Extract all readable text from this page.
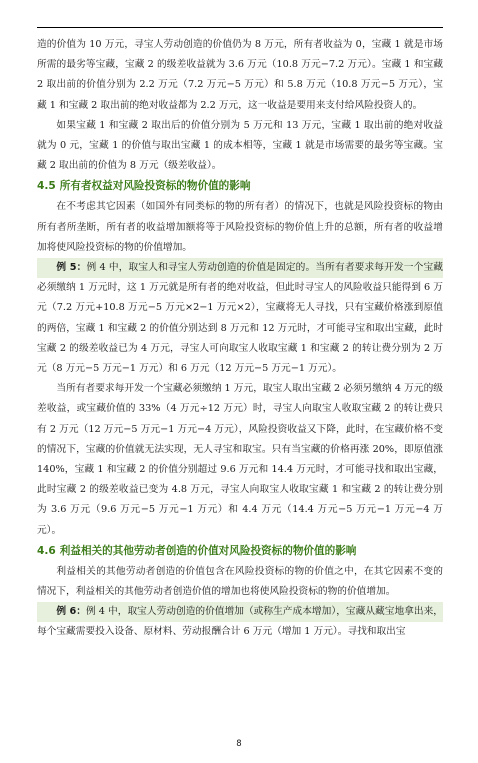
造的价值为 10 万元，寻宝人劳动创造的价值仍为 8 万元，所有者收益为 0，宝藏 1 就是市场所需的最劣等宝藏，宝藏 2 的级差收益就为 3.6 万元（10.8 万元−7.2 万元）。宝藏 1 和宝藏 2 取出前的价值分别为 2.2 万元（7.2 万元−5 万元）和 5.8 万元（10.8 万元−5 万元），宝藏 1 和宝藏 2 取出前的绝对收益都为 2.2 万元，这一收益是要用来支付给风险投资人的。

如果宝藏 1 和宝藏 2 取出后的价值分别为 5 万元和 13 万元，宝藏 1 取出前的绝对收益就为 0 元，宝藏 1 的价值与取出宝藏 1 的成本相等，宝藏 1 就是市场需要的最劣等宝藏。宝藏 2 取出前的价值为 8 万元（级差收益）。

4.5 所有者权益对风险投资标的物价值的影响

在不考虑其它因素（如国外有同类标的物的所有者）的情况下，也就是风险投资标的物由所有者所垄断，所有者的收益增加额将等于风险投资标的物价值上升的总额，所有者的收益增加将使风险投资标的物的价值增加。

例 5：例 4 中，取宝人和寻宝人劳动创造的价值是固定的。当所有者要求每开发一个宝藏必须缴纳 1 万元时，这 1 万元就是所有者的绝对收益，但此时寻宝人的风险收益只能得到 6 万元（7.2 万元+10.8 万元−5 万元×2−1 万元×2），宝藏将无人寻找，只有宝藏价格涨到原值的两倍，宝藏 1 和宝藏 2 的价值分别达到 8 万元和 12 万元时，才可能寻宝和取出宝藏，此时宝藏 2 的级差收益已为 4 万元，寻宝人可向取宝人收取宝藏 1 和宝藏 2 的转让费分别为 2 万元（8 万元−5 万元−1 万元）和 6 万元（12 万元−5 万元−1 万元）。

当所有者要求每开发一个宝藏必须缴纳 1 万元，取宝人取出宝藏 2 必须另缴纳 4 万元的级差收益，或宝藏价值的 33%（4 万元÷12 万元）时，寻宝人向取宝人收取宝藏 2 的转让费只有 2 万元（12 万元−5 万元−1 万元−4 万元），风险投资收益又下降，此时，在宝藏价格不变的情况下，宝藏的价值就无法实现，无人寻宝和取宝。只有当宝藏的价格再涨 20%，即原值涨 140%，宝藏 1 和宝藏 2 的价值分别超过 9.6 万元和 14.4 万元时，才可能寻找和取出宝藏，此时宝藏 2 的级差收益已变为 4.8 万元，寻宝人向取宝人收取宝藏 1 和宝藏 2 的转让费分别为 3.6 万元（9.6 万元−5 万元−1 万元）和 4.4 万元（14.4 万元−5 万元−1 万元−4 万元）。

4.6 利益相关的其他劳动者创造的价值对风险投资标的物价值的影响

利益相关的其他劳动者创造的价值包含在风险投资标的物的价值之中，在其它因素不变的情况下，利益相关的其他劳动者创造价值的增加也将使风险投资标的物的价值增加。

例 6：例 4 中，取宝人劳动创造的价值增加（或称生产成本增加），宝藏从藏宝地拿出来，每个宝藏需要投入设备、原材料、劳动报酬合计 6 万元（增加 1 万元）。寻找和取出宝

8
